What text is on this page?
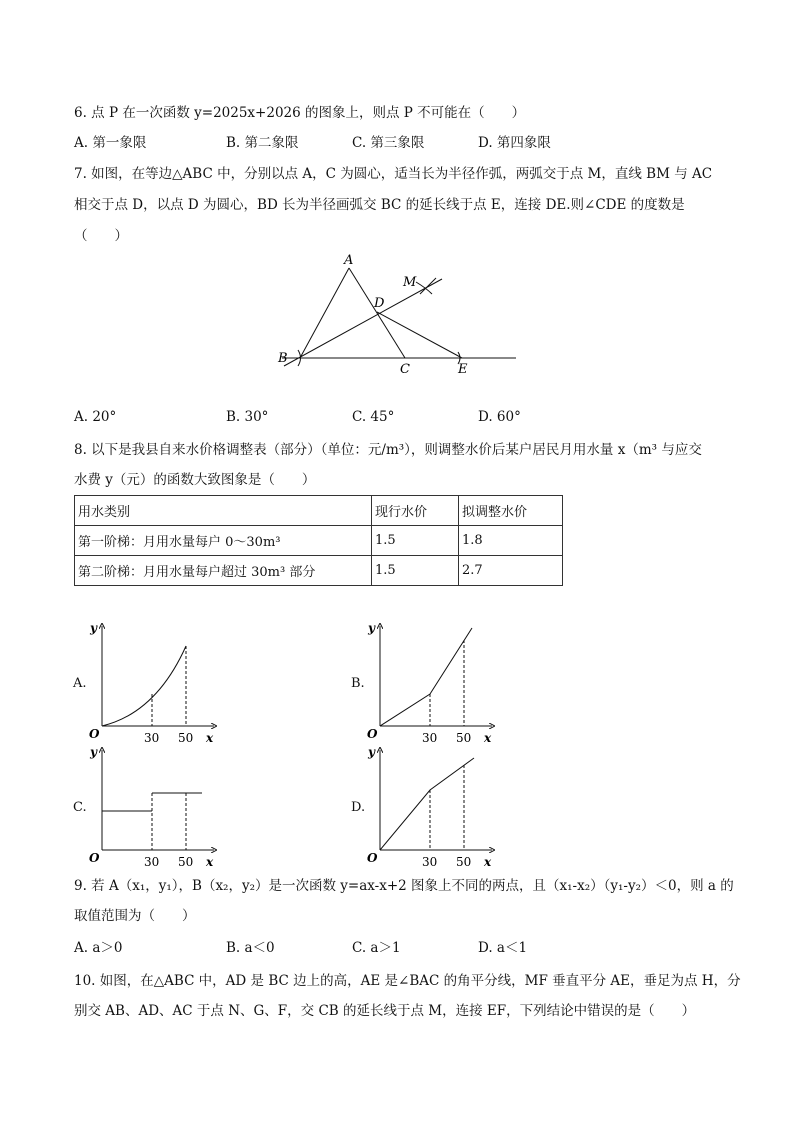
6. 点 P 在一次函数 y=2025x+2026 的图象上，则点 P 不可能在（　　）
A. 第一象限	B. 第二象限	C. 第三象限	D. 第四象限
7. 如图，在等边△ABC 中，分别以点 A，C 为圆心，适当长为半径作弧，两弧交于点 M，直线 BM 与 AC
相交于点 D，以点 D 为圆心，BD 长为半径画弧交 BC 的延长线于点 E，连接 DE.则∠CDE 的度数是
（　　）
A
B
C
D
E
M
A. 20°	B. 30°	C. 45°	D. 60°
8. 以下是我县自来水价格调整表（部分）（单位：元/m³），则调整水价后某户居民月用水量 x（m³ 与应交
水费 y（元）的函数大致图象是（　　）
用水类别	现行水价	拟调整水价
第一阶梯：月用水量每户 0～30m³	1.5	1.8
第二阶梯：月用水量每户超过 30m³ 部分	1.5	2.7
A.	B.
C.	D.
y
x
O	30 50
y
x
O	30 50
y
x
O	30 50
y
x
O	30 50
9. 若 A（x₁，y₁），B（x₂，y₂）是一次函数 y=ax-x+2 图象上不同的两点，且（x₁-x₂）（y₁-y₂）＜0，则 a 的
取值范围为（　　）
A. a＞0	B. a＜0	C. a＞1	D. a＜1
10. 如图，在△ABC 中，AD 是 BC 边上的高，AE 是∠BAC 的角平分线，MF 垂直平分 AE，垂足为点 H，分
别交 AB、AD、AC 于点 N、G、F，交 CB 的延长线于点 M，连接 EF，下列结论中错误的是（　　）
